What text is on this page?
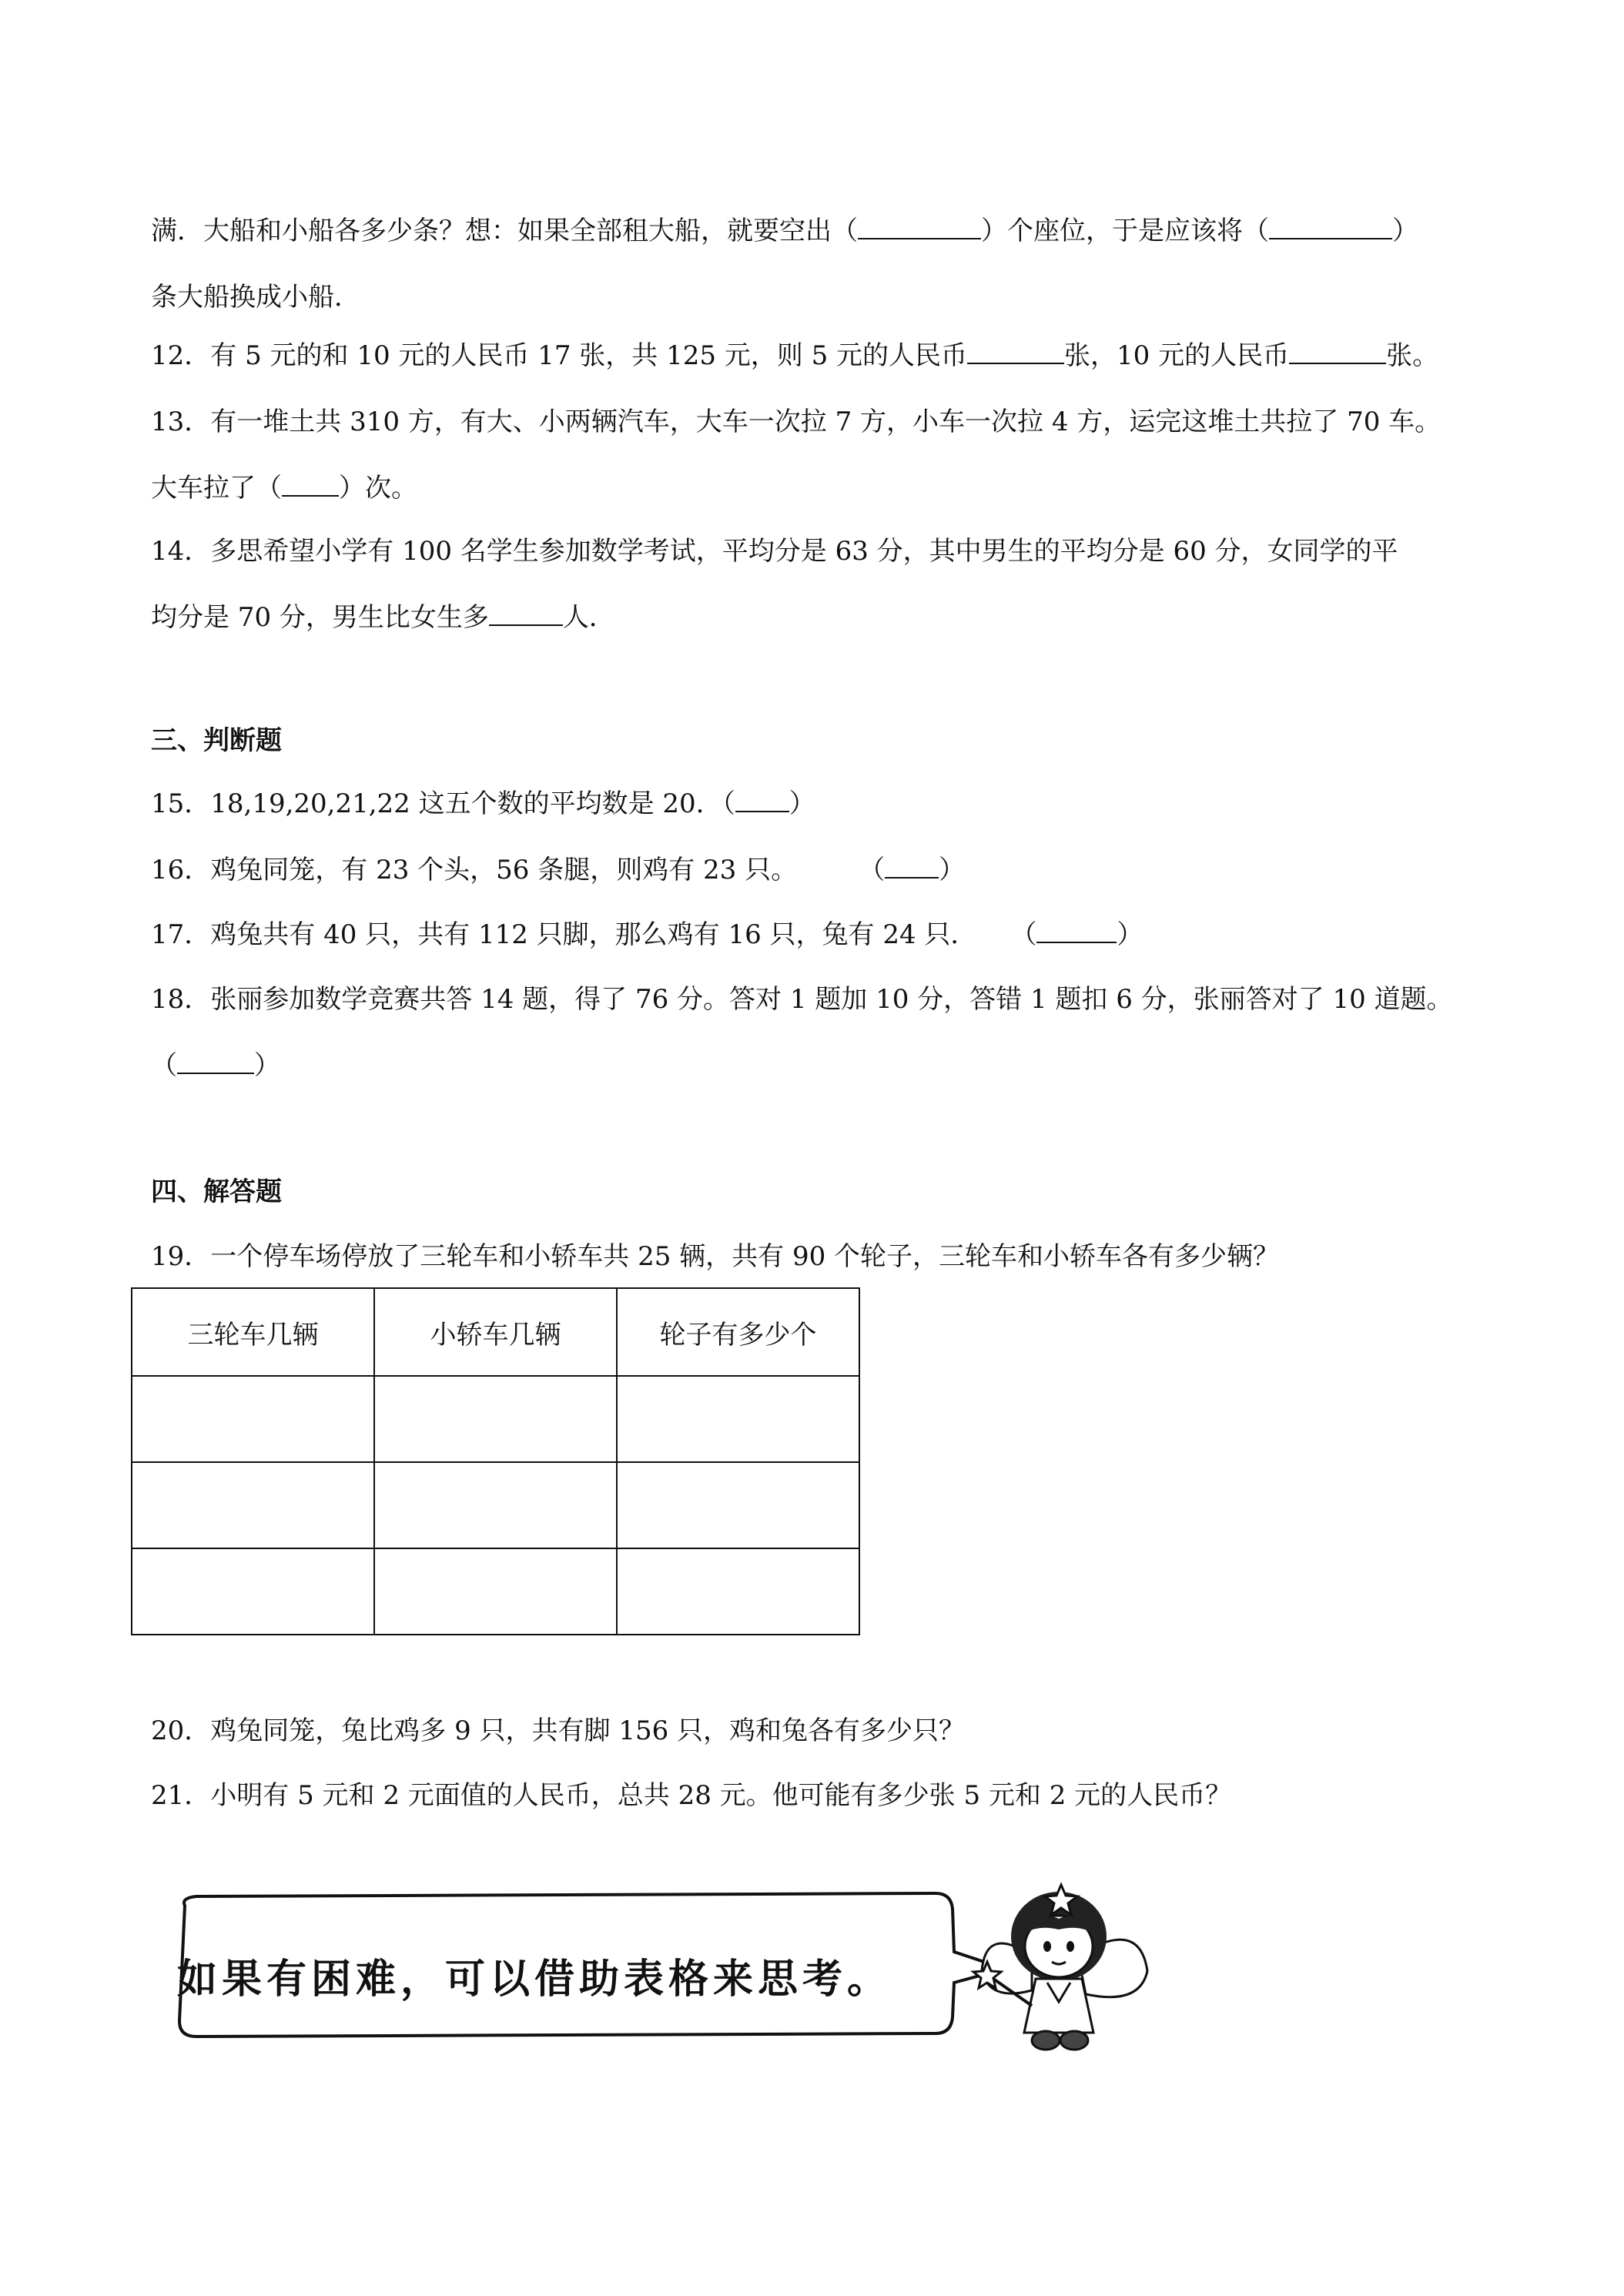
满．大船和小船各多少条？想：如果全部租大船，就要空出（	）个座位，于是应该将（	）
条大船换成小船．
12．有 5 元的和 10 元的人民币 17 张，共 125 元，则 5 元的人民币	张，10 元的人民币	张。
13．有一堆土共 310 方，有大、小两辆汽车，大车一次拉 7 方，小车一次拉 4 方，运完这堆土共拉了 70 车。
大车拉了（ ）次。
14．多思希望小学有 100 名学生参加数学考试，平均分是 63 分，其中男生的平均分是 60 分，女同学的平
均分是 70 分，男生比女生多	人．
三、判断题
15．18,19,20,21,22 这五个数的平均数是 20．（ ）
16．鸡兔同笼，有 23 个头，56 条腿，则鸡有 23 只。 （ ）
17．鸡兔共有 40 只，共有 112 只脚，那么鸡有 16 只，兔有 24 只． （	）
18．张丽参加数学竞赛共答 14 题，得了 76 分。答对 1 题加 10 分，答错 1 题扣 6 分，张丽答对了 10 道题。
（	）
四、解答题
19．一个停车场停放了三轮车和小轿车共 25 辆，共有 90 个轮子，三轮车和小轿车各有多少辆？
三轮车几辆	小轿车几辆	轮子有多少个

20．鸡兔同笼，兔比鸡多 9 只，共有脚 156 只，鸡和兔各有多少只？
21．小明有 5 元和 2 元面值的人民币，总共 28 元。他可能有多少张 5 元和 2 元的人民币？
如果有困难，可以借助表格来思考。
